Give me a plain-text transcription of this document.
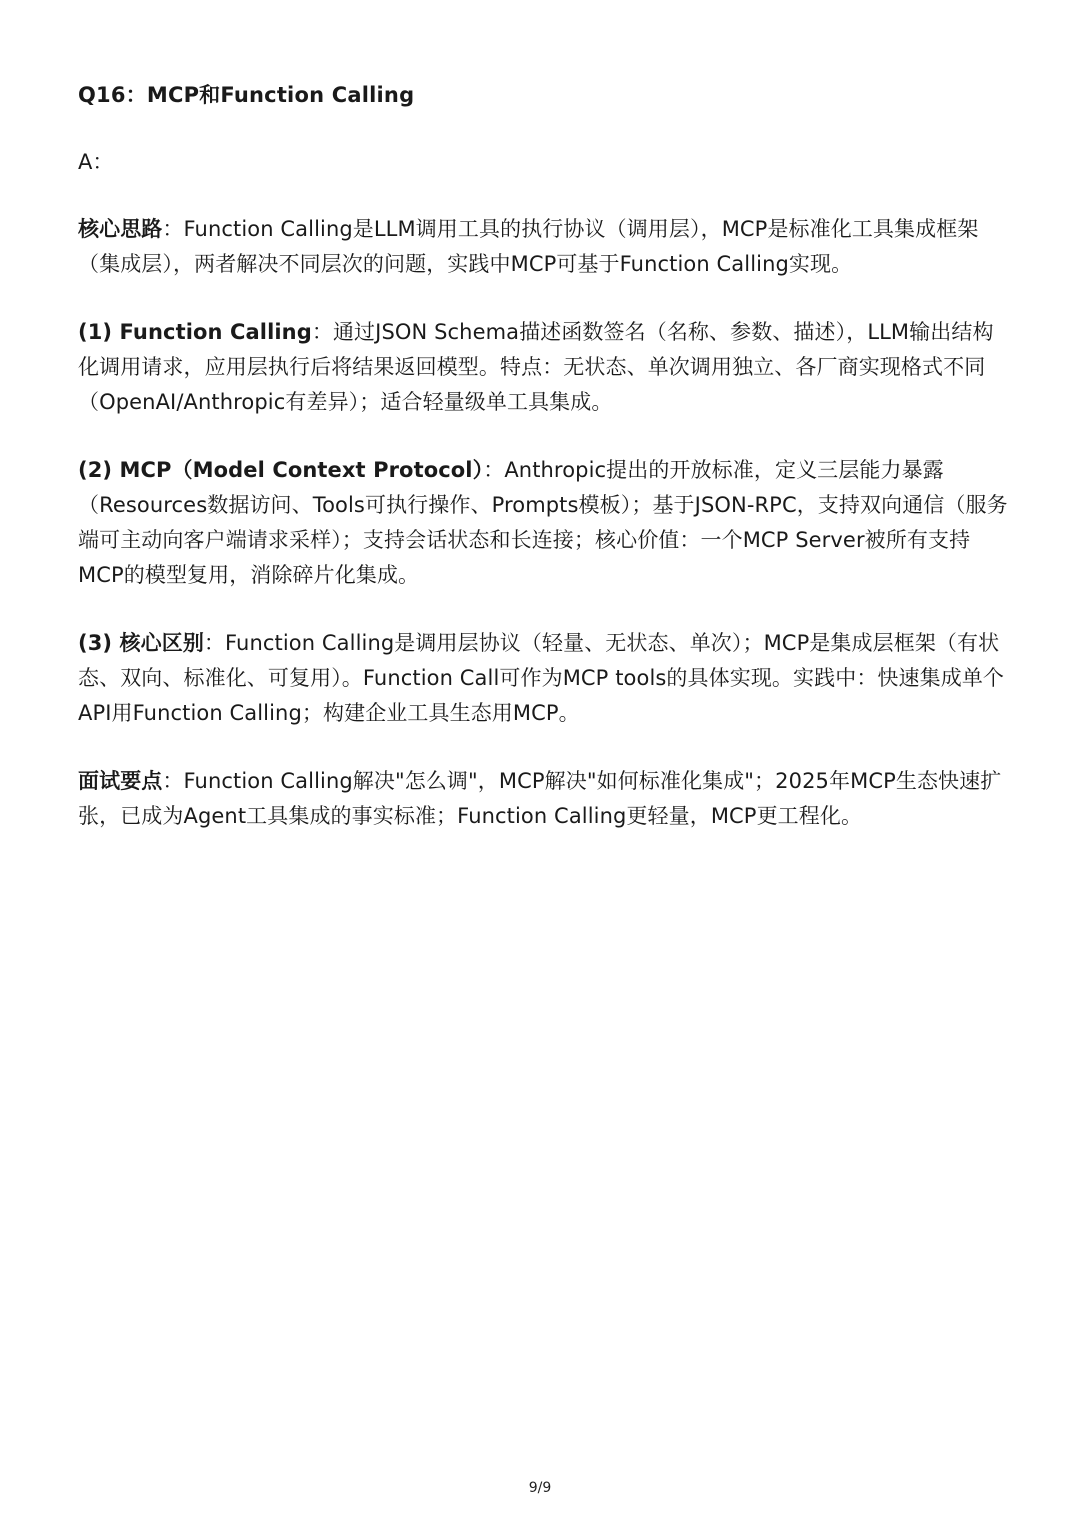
Q16：MCP和Function Calling

A：

核心思路：Function Calling是LLM调用工具的执行协议（调用层），MCP是标准化工具集成框架（集成层），两者解决不同层次的问题，实践中MCP可基于Function Calling实现。

(1) Function Calling：通过JSON Schema描述函数签名（名称、参数、描述），LLM输出结构化调用请求，应用层执行后将结果返回模型。特点：无状态、单次调用独立、各厂商实现格式不同（OpenAI/Anthropic有差异）；适合轻量级单工具集成。

(2) MCP（Model Context Protocol）：Anthropic提出的开放标准，定义三层能力暴露（Resources数据访问、Tools可执行操作、Prompts模板）；基于JSON-RPC，支持双向通信（服务端可主动向客户端请求采样）；支持会话状态和长连接；核心价值：一个MCP Server被所有支持MCP的模型复用，消除碎片化集成。

(3) 核心区别：Function Calling是调用层协议（轻量、无状态、单次）；MCP是集成层框架（有状态、双向、标准化、可复用）。Function Call可作为MCP tools的具体实现。实践中：快速集成单个API用Function Calling；构建企业工具生态用MCP。

面试要点：Function Calling解决"怎么调"，MCP解决"如何标准化集成"；2025年MCP生态快速扩张，已成为Agent工具集成的事实标准；Function Calling更轻量，MCP更工程化。

9/9
